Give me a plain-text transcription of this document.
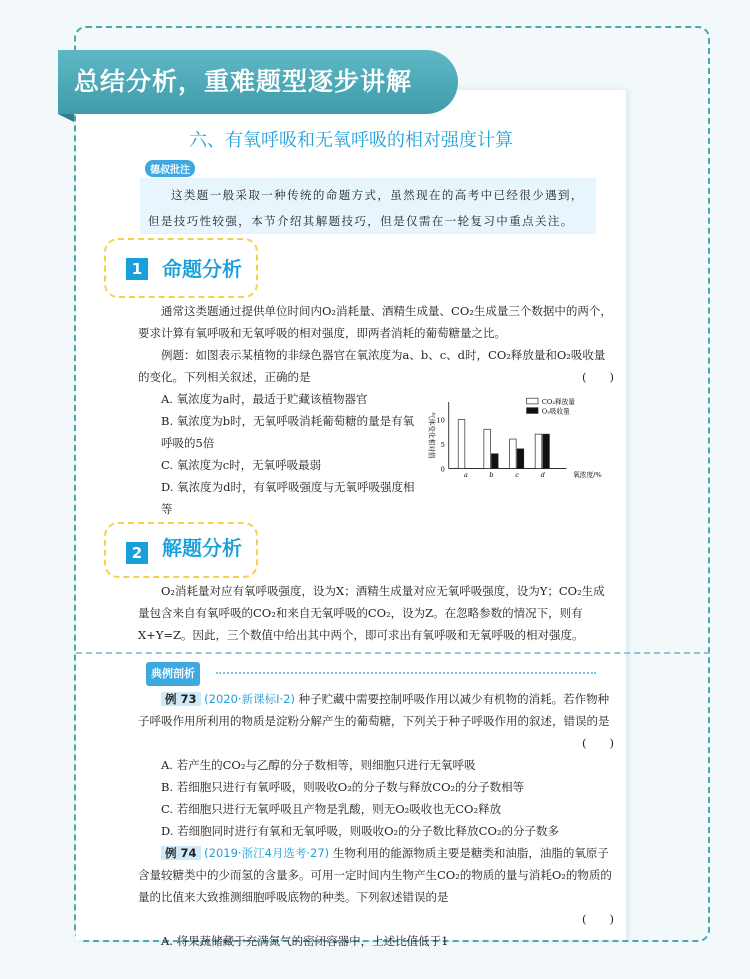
总结分析，重难题型逐步讲解
六、有氧呼吸和无氧呼吸的相对强度计算
这类题一般采取一种传统的命题方式，虽然现在的高考中已经很少遇到，但是技巧性较强，本节介绍其解题技巧，但是仅需在一轮复习中重点关注。
德叔批注
1 命题分析
通常这类题通过提供单位时间内O₂消耗量、酒精生成量、CO₂生成量三个数据中的两个，要求计算有氧呼吸和无氧呼吸的相对强度，即两者消耗的葡萄糖量之比。
例题：如图表示某植物的非绿色器官在氧浓度为a、b、c、d时，CO₂释放量和O₂吸收量的变化。下列相关叙述，正确的是	(　　)
0
5
10
气体变化相对值
氧浓度/%
a	b	c	d
CO₂释放量
O₂吸收量
A. 氧浓度为a时，最适于贮藏该植物器官
B. 氧浓度为b时，无氧呼吸消耗葡萄糖的量是有氧呼吸的5倍
C. 氧浓度为c时，无氧呼吸最弱
D. 氧浓度为d时，有氧呼吸强度与无氧呼吸强度相等
2 解题分析
O₂消耗量对应有氧呼吸强度，设为X；酒精生成量对应无氧呼吸强度，设为Y；CO₂生成量包含来自有氧呼吸的CO₂和来自无氧呼吸的CO₂，设为Z。在忽略参数的情况下，则有X+Y=Z。因此，三个数值中给出其中两个，即可求出有氧呼吸和无氧呼吸的相对强度。
典例剖析
例 73 (2020·新课标Ⅰ·2) 种子贮藏中需要控制呼吸作用以减少有机物的消耗。若作物种子呼吸作用所利用的物质是淀粉分解产生的葡萄糖，下列关于种子呼吸作用的叙述，错误的是
(　　)
A. 若产生的CO₂与乙醇的分子数相等，则细胞只进行无氧呼吸
B. 若细胞只进行有氧呼吸，则吸收O₂的分子数与释放CO₂的分子数相等
C. 若细胞只进行无氧呼吸且产物是乳酸，则无O₂吸收也无CO₂释放
D. 若细胞同时进行有氧和无氧呼吸，则吸收O₂的分子数比释放CO₂的分子数多
例 74 (2019·浙江4月选考·27) 生物利用的能源物质主要是糖类和油脂，油脂的氧原子含量较糖类中的少而氢的含量多。可用一定时间内生物产生CO₂的物质的量与消耗O₂的物质的量的比值来大致推测细胞呼吸底物的种类。下列叙述错误的是
(　　)
A. 将果蔬储藏于充满氮气的密闭容器中，上述比值低于1
